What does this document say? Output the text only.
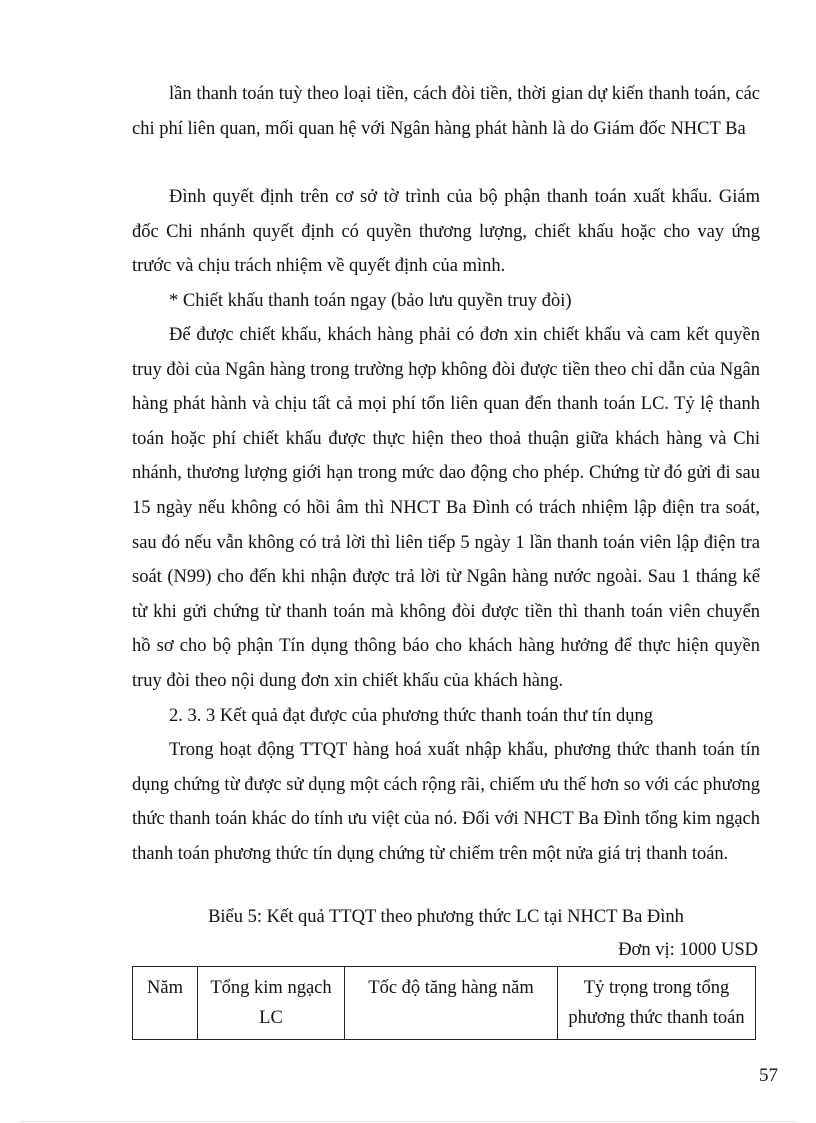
lần thanh toán tuỳ theo loại tiền, cách đòi tiền, thời gian dự kiến thanh toán, các chi phí liên quan, mối quan hệ với Ngân hàng phát hành là do Giám đốc NHCT Ba

Đình quyết định trên cơ sở tờ trình của bộ phận thanh toán xuất khẩu. Giám đốc Chi nhánh quyết định có quyền thương lượng, chiết khấu hoặc cho vay ứng trước và chịu trách nhiệm về quyết định của mình.

* Chiết khấu thanh toán ngay (bảo lưu quyền truy đòi)

Để được chiết khấu, khách hàng phải có đơn xin chiết khấu và cam kết quyền truy đòi của Ngân hàng trong trường hợp không đòi được tiền theo chỉ dẫn của Ngân hàng phát hành và chịu tất cả mọi phí tổn liên quan đến thanh toán LC. Tỷ lệ thanh toán hoặc phí chiết khấu được thực hiện theo thoả thuận giữa khách hàng và Chi nhánh, thương lượng giới hạn trong mức dao động cho phép. Chứng từ đó gửi đi sau 15 ngày nếu không có hồi âm thì NHCT Ba Đình có trách nhiệm lập điện tra soát, sau đó nếu vẫn không có trả lời thì liên tiếp 5 ngày 1 lần thanh toán viên lập điện tra soát (N99) cho đến khi nhận được trả lời từ Ngân hàng nước ngoài. Sau 1 tháng kể từ khi gửi chứng từ thanh toán mà không đòi được tiền thì thanh toán viên chuyển hồ sơ cho bộ phận Tín dụng thông báo cho khách hàng hưởng để thực hiện quyền truy đòi theo nội dung đơn xin chiết khấu của khách hàng.

2. 3. 3 Kết quả đạt được của phương thức thanh toán thư tín dụng

Trong hoạt động TTQT hàng hoá xuất nhập khẩu, phương thức thanh toán tín dụng chứng từ được sử dụng một cách rộng rãi, chiếm ưu thế hơn so với các phương thức thanh toán khác do tính ưu việt của nó. Đối với NHCT Ba Đình tổng kim ngạch thanh toán phương thức tín dụng chứng từ chiếm trên một nửa giá trị thanh toán.

Biểu 5: Kết quả TTQT theo phương thức LC tại NHCT Ba Đình
Đơn vị: 1000 USD
Năm	Tổng kim ngạch LC	Tốc độ tăng hàng năm	Tỷ trọng trong tổng phương thức thanh toán
57
